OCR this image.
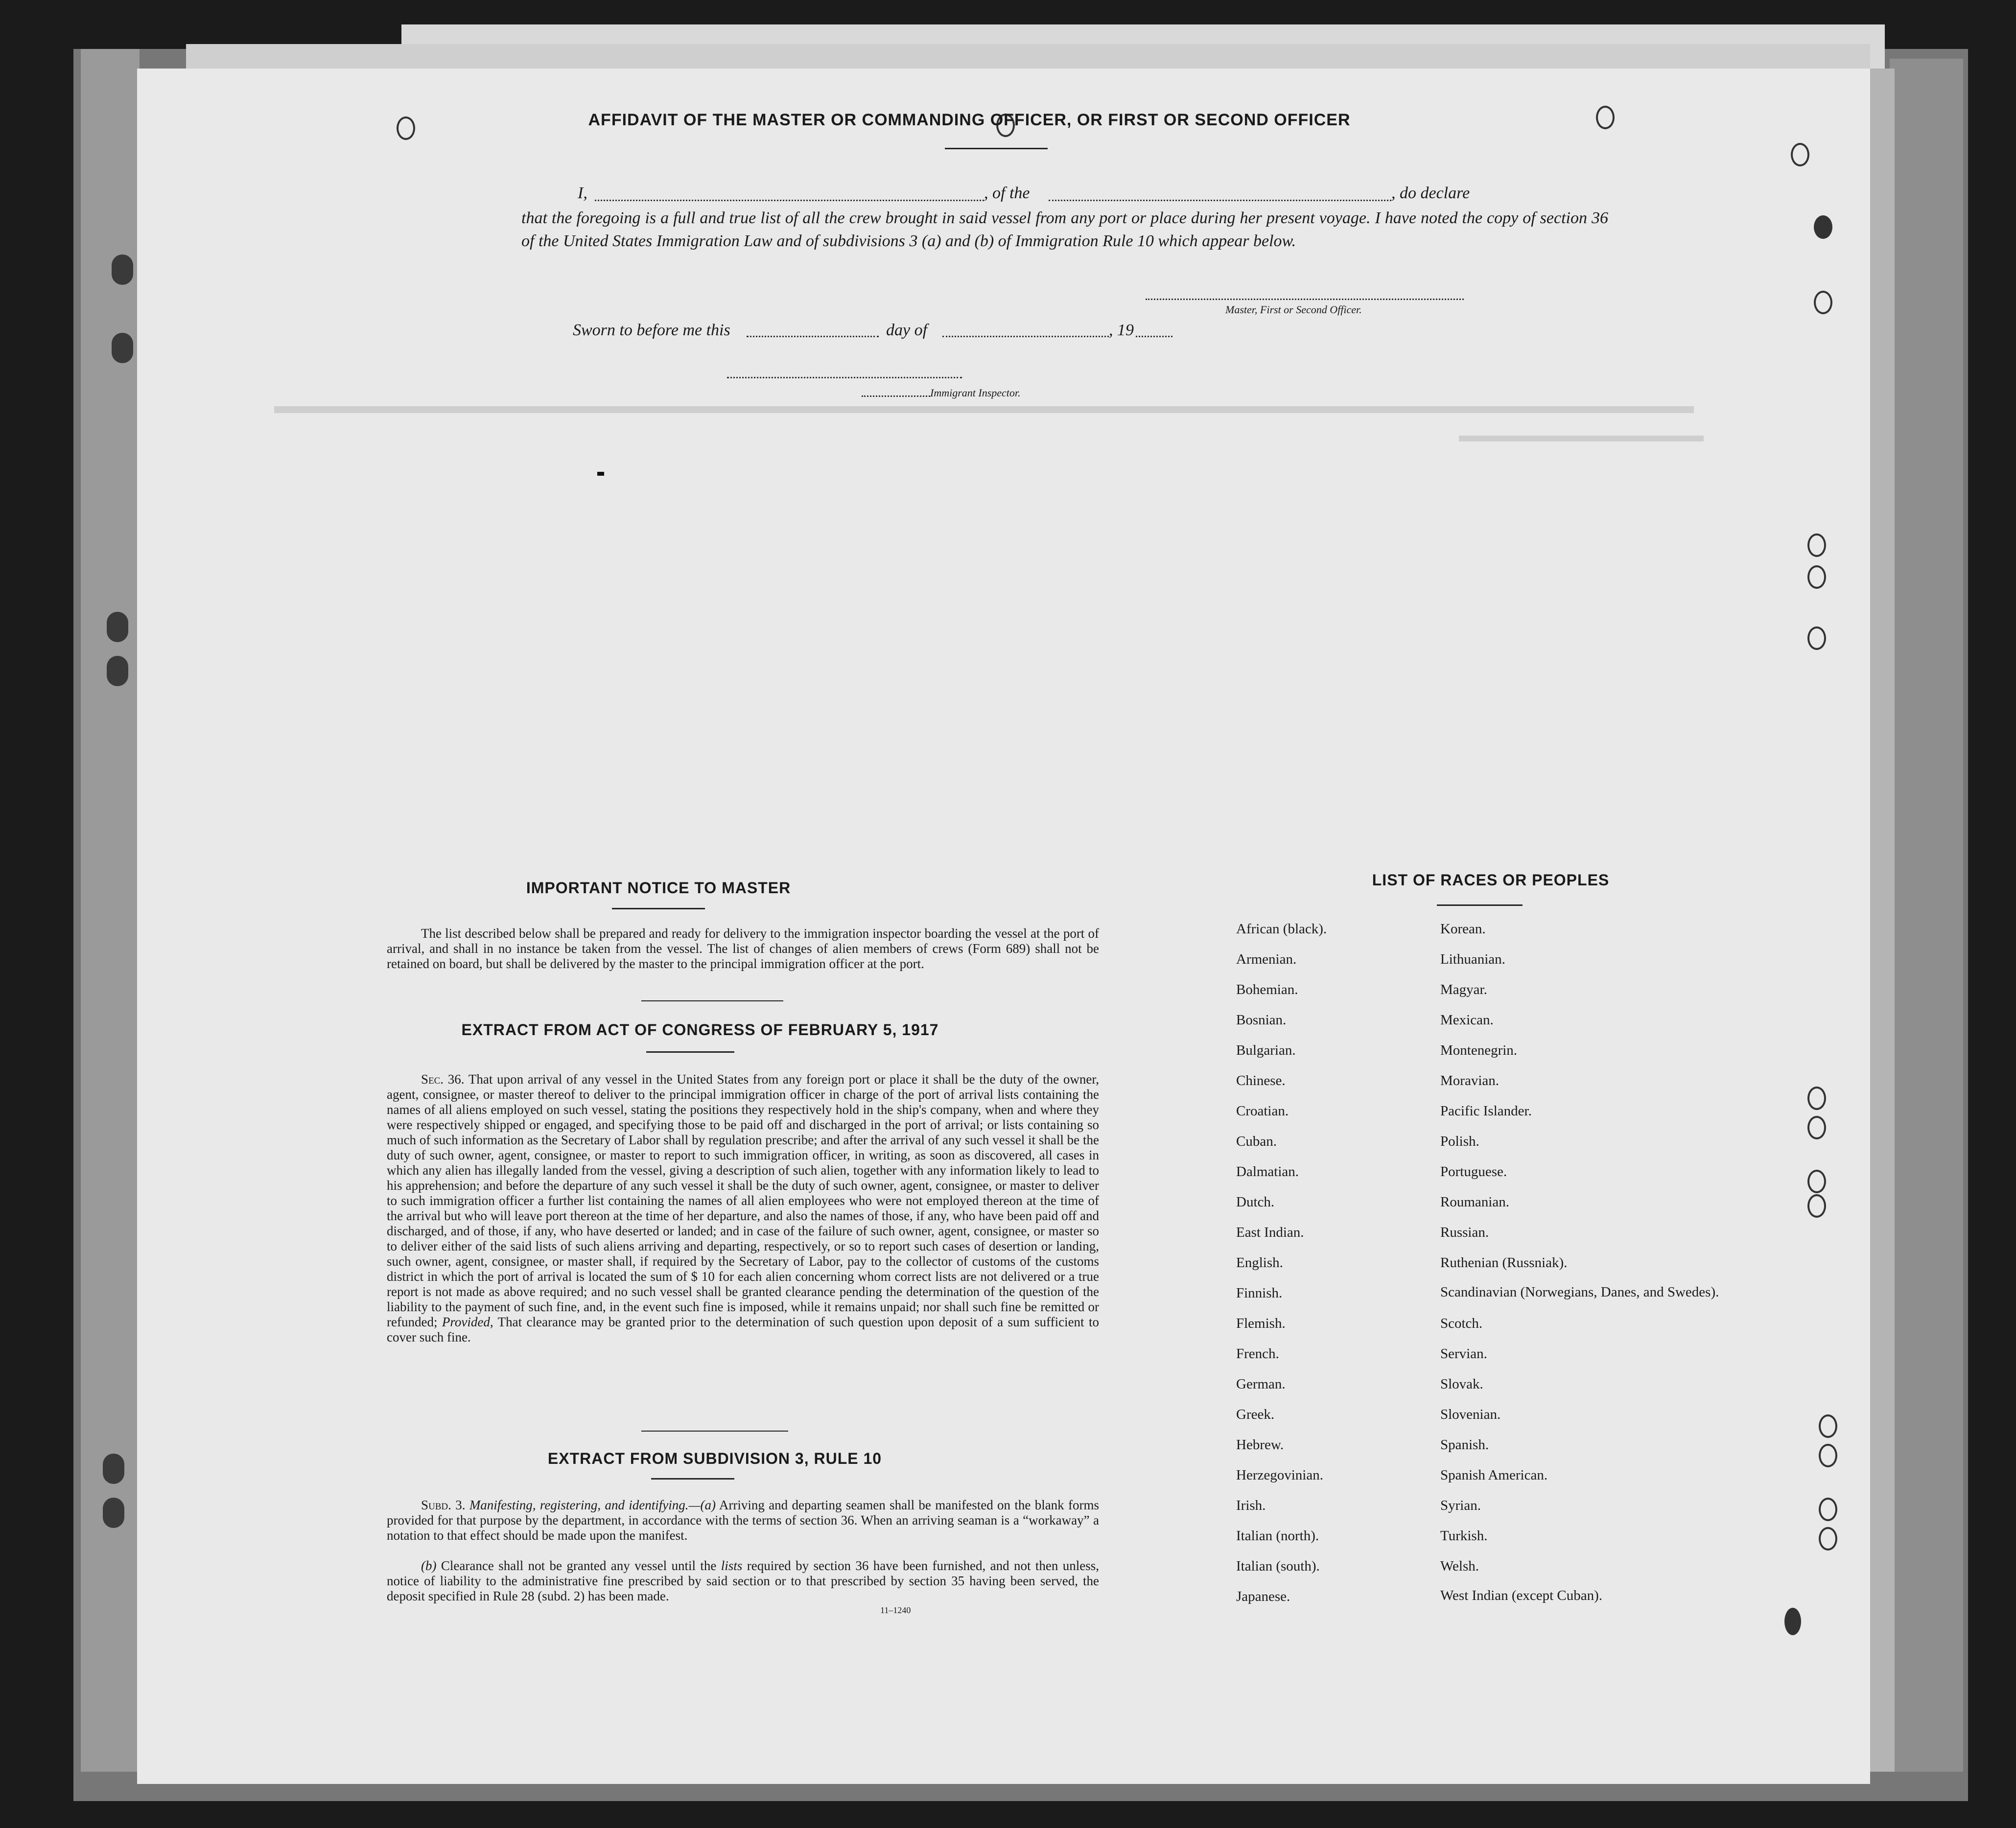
AFFIDAVIT OF THE MASTER OR COMMANDING OFFICER, OR FIRST OR SECOND OFFICER
I,	, of the	, do declare
that the foregoing is a full and true list of all the crew brought in said vessel from any port or place during her present voyage. I have noted the copy of section 36 of the United States Immigration Law and of subdivisions 3 (a) and (b) of Immigration Rule 10 which appear below.
Master, First or Second Officer.
Sworn to before me this	day of	, 19
Immigrant Inspector.
IMPORTANT NOTICE TO MASTER
The list described below shall be prepared and ready for delivery to the immigration inspector boarding the vessel at the port of arrival, and shall in no instance be taken from the vessel. The list of changes of alien members of crews (Form 689) shall not be retained on board, but shall be delivered by the master to the principal immigration officer at the port.
EXTRACT FROM ACT OF CONGRESS OF FEBRUARY 5, 1917
Sec. 36. That upon arrival of any vessel in the United States from any foreign port or place it shall be the duty of the owner, agent, consignee, or master thereof to deliver to the principal immigration officer in charge of the port of arrival lists containing the names of all aliens employed on such vessel, stating the positions they respectively hold in the ship's company, when and where they were respectively shipped or engaged, and specifying those to be paid off and discharged in the port of arrival; or lists containing so much of such information as the Secretary of Labor shall by regulation prescribe; and after the arrival of any such vessel it shall be the duty of such owner, agent, consignee, or master to report to such immigration officer, in writing, as soon as discovered, all cases in which any alien has illegally landed from the vessel, giving a description of such alien, together with any information likely to lead to his apprehension; and before the departure of any such vessel it shall be the duty of such owner, agent, consignee, or master to deliver to such immigration officer a further list containing the names of all alien employees who were not employed thereon at the time of the arrival but who will leave port thereon at the time of her departure, and also the names of those, if any, who have been paid off and discharged, and of those, if any, who have deserted or landed; and in case of the failure of such owner, agent, consignee, or master so to deliver either of the said lists of such aliens arriving and departing, respectively, or so to report such cases of desertion or landing, such owner, agent, consignee, or master shall, if required by the Secretary of Labor, pay to the collector of customs of the customs district in which the port of arrival is located the sum of $ 10 for each alien concerning whom correct lists are not delivered or a true report is not made as above required; and no such vessel shall be granted clearance pending the determination of the question of the liability to the payment of such fine, and, in the event such fine is imposed, while it remains unpaid; nor shall such fine be remitted or refunded; Provided, That clearance may be granted prior to the determination of such question upon deposit of a sum sufficient to cover such fine.
EXTRACT FROM SUBDIVISION 3, RULE 10
Subd. 3. Manifesting, registering, and identifying.—(a) Arriving and departing seamen shall be manifested on the blank forms provided for that purpose by the department, in accordance with the terms of section 36. When an arriving seaman is a “workaway” a notation to that effect should be made upon the manifest.
(b) Clearance shall not be granted any vessel until the lists required by section 36 have been furnished, and not then unless, notice of liability to the administrative fine prescribed by said section or to that prescribed by section 35 having been served, the deposit specified in Rule 28 (subd. 2) has been made.
11–1240
LIST OF RACES OR PEOPLES
African (black).
Armenian.
Bohemian.
Bosnian.
Bulgarian.
Chinese.
Croatian.
Cuban.
Dalmatian.
Dutch.
East Indian.
English.
Finnish.
Flemish.
French.
German.
Greek.
Hebrew.
Herzegovinian.
Irish.
Italian (north).
Italian (south).
Japanese.
Korean.
Lithuanian.
Magyar.
Mexican.
Montenegrin.
Moravian.
Pacific Islander.
Polish.
Portuguese.
Roumanian.
Russian.
Ruthenian (Russniak).
Scandinavian (Norwegians, Danes, and Swedes).
Scotch.
Servian.
Slovak.
Slovenian.
Spanish.
Spanish American.
Syrian.
Turkish.
Welsh.
West Indian (except Cuban).
